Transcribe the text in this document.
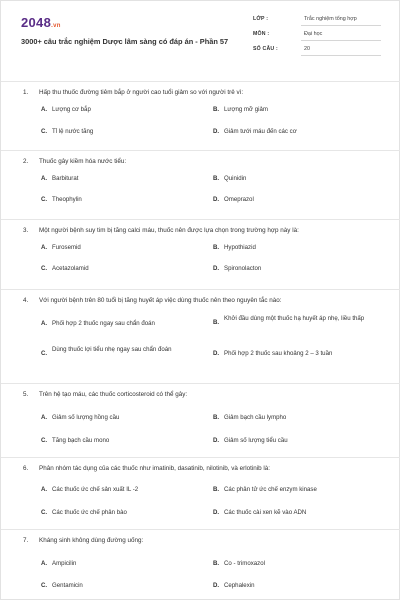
2048.vn
3000+ câu trắc nghiệm Dược lâm sàng có đáp án - Phần 57
LỚP :	Trắc nghiệm tổng hợp
MÔN :	Đại học
SỐ CÂU :	20
1. Hấp thu thuốc đường tiêm bắp ở người cao tuổi giảm so với người trẻ vì:
A. Lượng cơ bắp	B. Lượng mỡ giảm
C. Tỉ lệ nước tăng	D. Giảm tưới máu đến các cơ
2. Thuốc gây kiềm hóa nước tiểu:
A. Barbiturat	B. Quinidin
C. Theophylin	D. Omeprazol
3. Một người bệnh suy tim bị tăng calci máu, thuốc nên được lựa chọn trong trường hợp này là:
A. Furosemid	B. Hypothiazid
C. Acetazolamid	D. Spironolacton
4. Với người bệnh trên 80 tuổi bị tăng huyết áp việc dùng thuốc nên theo nguyên tắc nào:
A. Phối hợp 2 thuốc ngay sau chẩn đoán	B.
Khởi đầu dùng một thuốc hạ huyết áp nhẹ, liều thấp
C.
Dùng thuốc lợi tiểu nhẹ ngay sau chẩn đoán
D. Phối hợp 2 thuốc sau khoảng 2 – 3 tuần
5. Trên hệ tạo máu, các thuốc corticosteroid có thể gây:
A. Giảm số lượng hồng cầu	B. Giảm bạch cầu lympho
C. Tăng bạch cầu mono	D. Giảm số lượng tiểu cầu
6. Phân nhóm tác dụng của các thuốc như imatinib, dasatinib, nilotinib, và erlotinib là:
A. Các thuốc ức chế sản xuất IL -2	B. Các phân tử ức chế enzym kinase
C. Các thuốc ức chế phân bào	D. Các thuốc cài xen kẽ vào ADN
7. Kháng sinh không dùng đường uống:
A. Ampicilin	B. Co - trimoxazol
C. Gentamicin	D. Cephalexin
